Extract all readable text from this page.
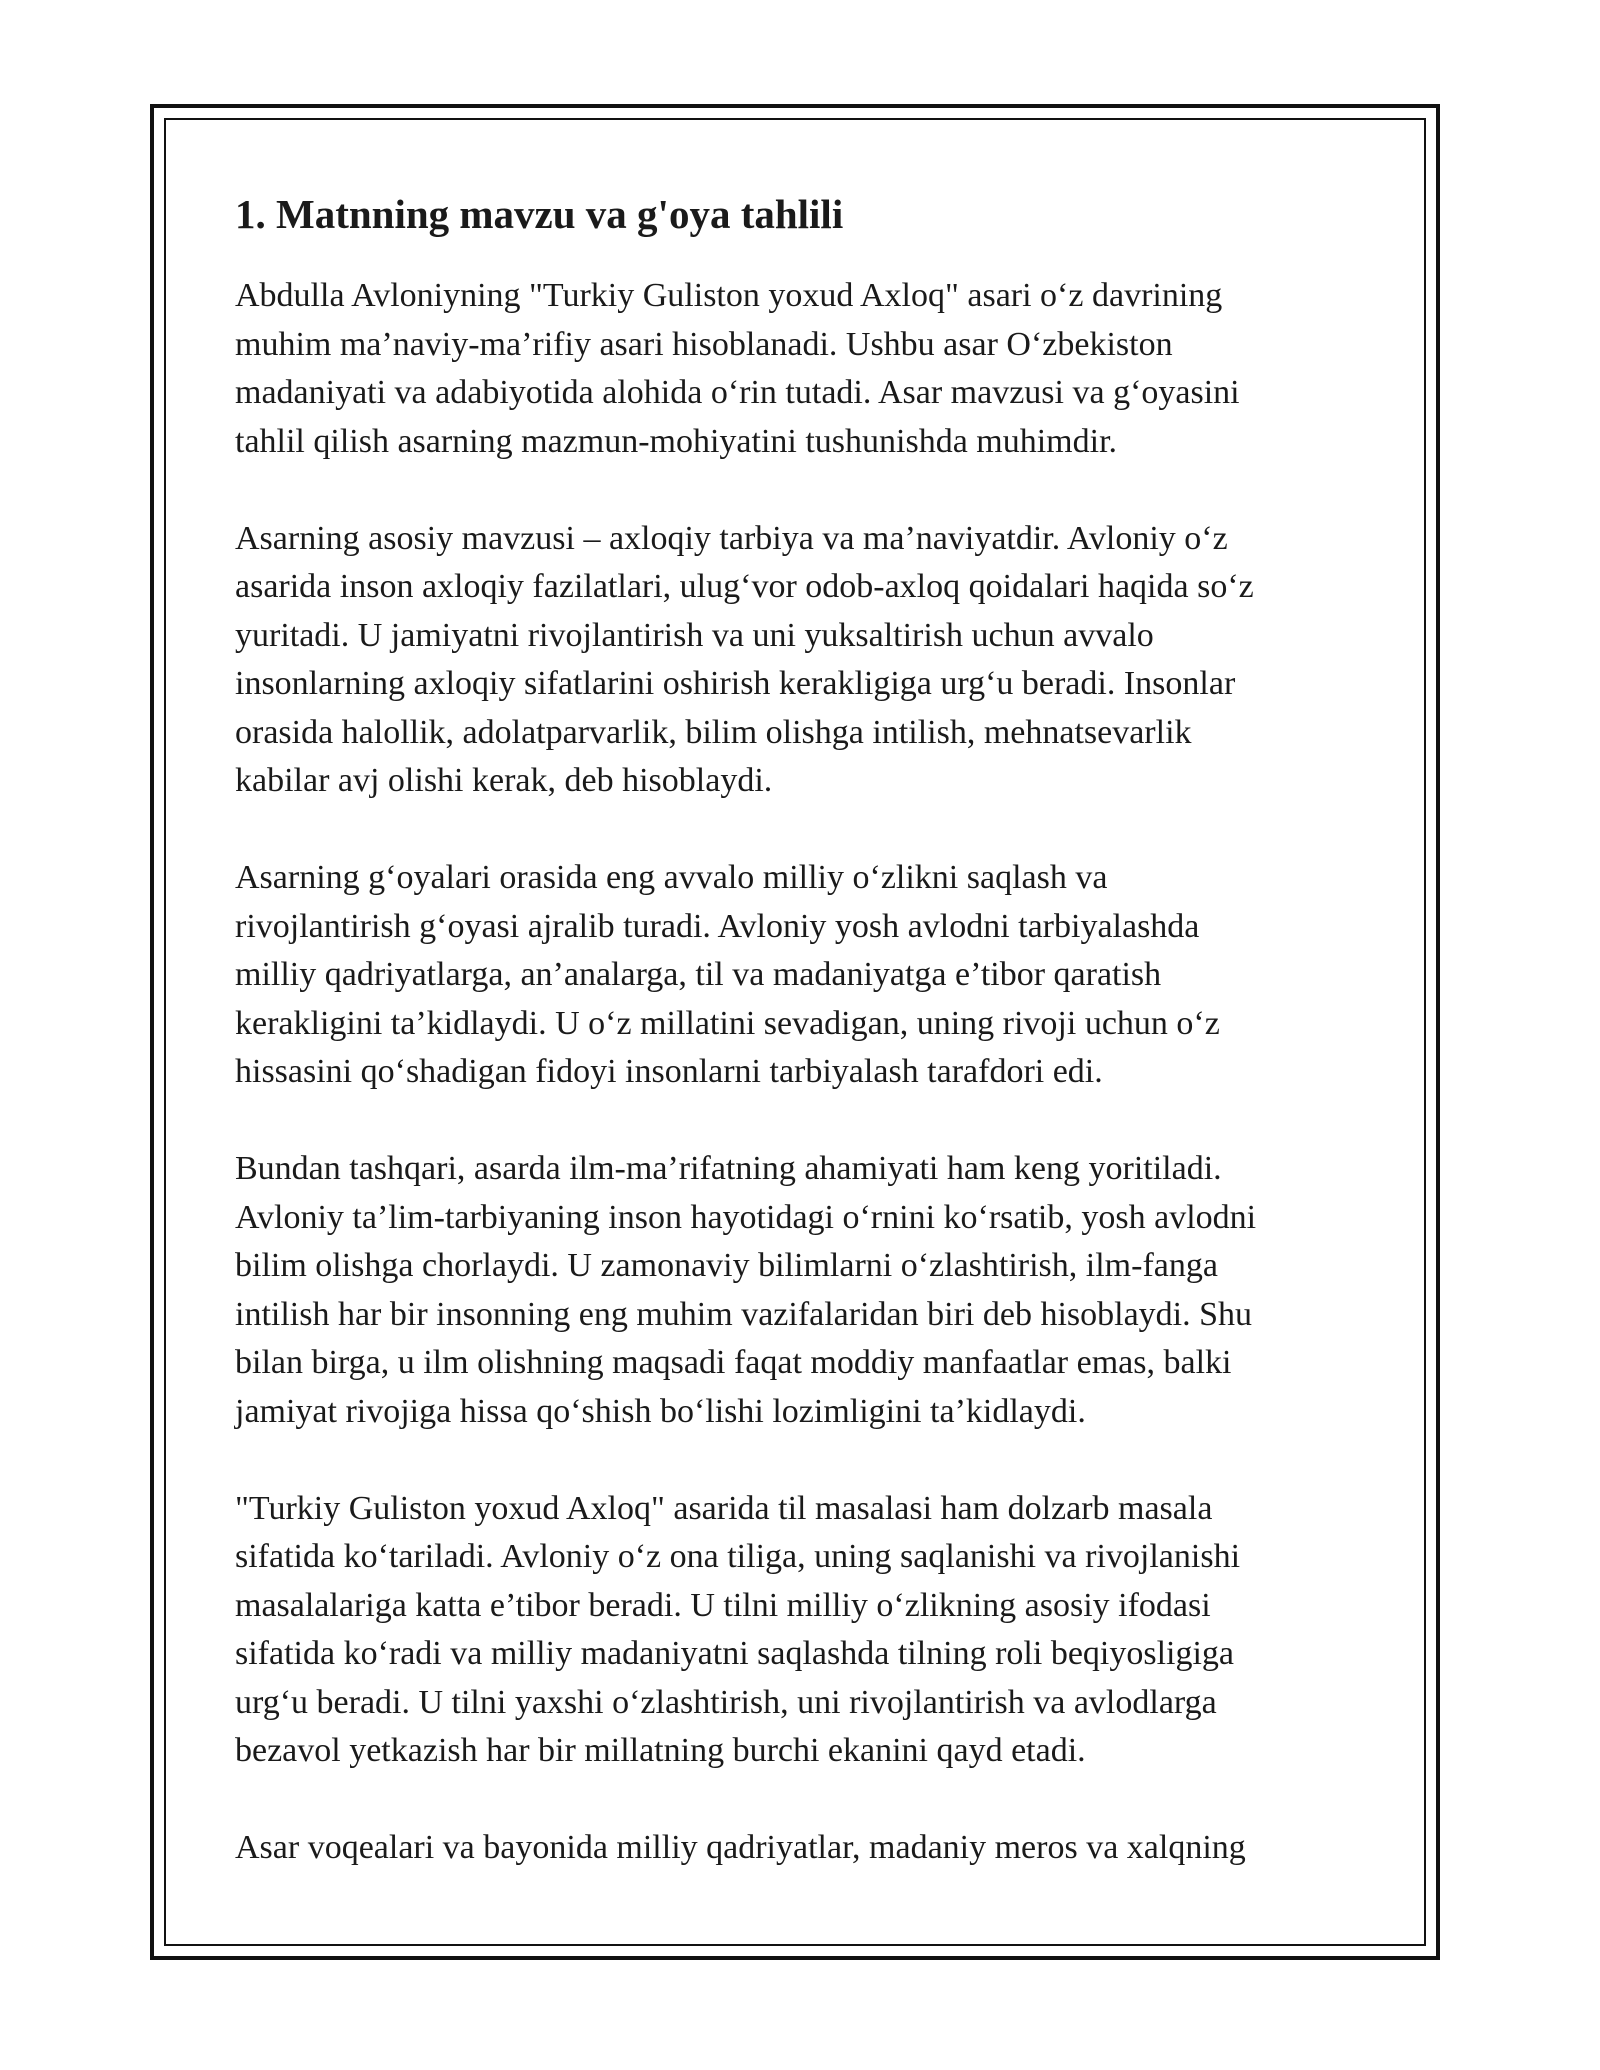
1. Matnning mavzu va g'oya tahlili

Abdulla Avloniyning "Turkiy Guliston yoxud Axloq" asari o‘z davrining
muhim ma’naviy-ma’rifiy asari hisoblanadi. Ushbu asar O‘zbekiston
madaniyati va adabiyotida alohida o‘rin tutadi. Asar mavzusi va g‘oyasini
tahlil qilish asarning mazmun-mohiyatini tushunishda muhimdir.

Asarning asosiy mavzusi – axloqiy tarbiya va ma’naviyatdir. Avloniy o‘z
asarida inson axloqiy fazilatlari, ulug‘vor odob-axloq qoidalari haqida so‘z
yuritadi. U jamiyatni rivojlantirish va uni yuksaltirish uchun avvalo
insonlarning axloqiy sifatlarini oshirish kerakligiga urg‘u beradi. Insonlar
orasida halollik, adolatparvarlik, bilim olishga intilish, mehnatsevarlik
kabilar avj olishi kerak, deb hisoblaydi.

Asarning g‘oyalari orasida eng avvalo milliy o‘zlikni saqlash va
rivojlantirish g‘oyasi ajralib turadi. Avloniy yosh avlodni tarbiyalashda
milliy qadriyatlarga, an’analarga, til va madaniyatga e’tibor qaratish
kerakligini ta’kidlaydi. U o‘z millatini sevadigan, uning rivoji uchun o‘z
hissasini qo‘shadigan fidoyi insonlarni tarbiyalash tarafdori edi.

Bundan tashqari, asarda ilm-ma’rifatning ahamiyati ham keng yoritiladi.
Avloniy ta’lim-tarbiyaning inson hayotidagi o‘rnini ko‘rsatib, yosh avlodni
bilim olishga chorlaydi. U zamonaviy bilimlarni o‘zlashtirish, ilm-fanga
intilish har bir insonning eng muhim vazifalaridan biri deb hisoblaydi. Shu
bilan birga, u ilm olishning maqsadi faqat moddiy manfaatlar emas, balki
jamiyat rivojiga hissa qo‘shish bo‘lishi lozimligini ta’kidlaydi.

"Turkiy Guliston yoxud Axloq" asarida til masalasi ham dolzarb masala
sifatida ko‘tariladi. Avloniy o‘z ona tiliga, uning saqlanishi va rivojlanishi
masalalariga katta e’tibor beradi. U tilni milliy o‘zlikning asosiy ifodasi
sifatida ko‘radi va milliy madaniyatni saqlashda tilning roli beqiyosligiga
urg‘u beradi. U tilni yaxshi o‘zlashtirish, uni rivojlantirish va avlodlarga
bezavol yetkazish har bir millatning burchi ekanini qayd etadi.

Asar voqealari va bayonida milliy qadriyatlar, madaniy meros va xalqning
